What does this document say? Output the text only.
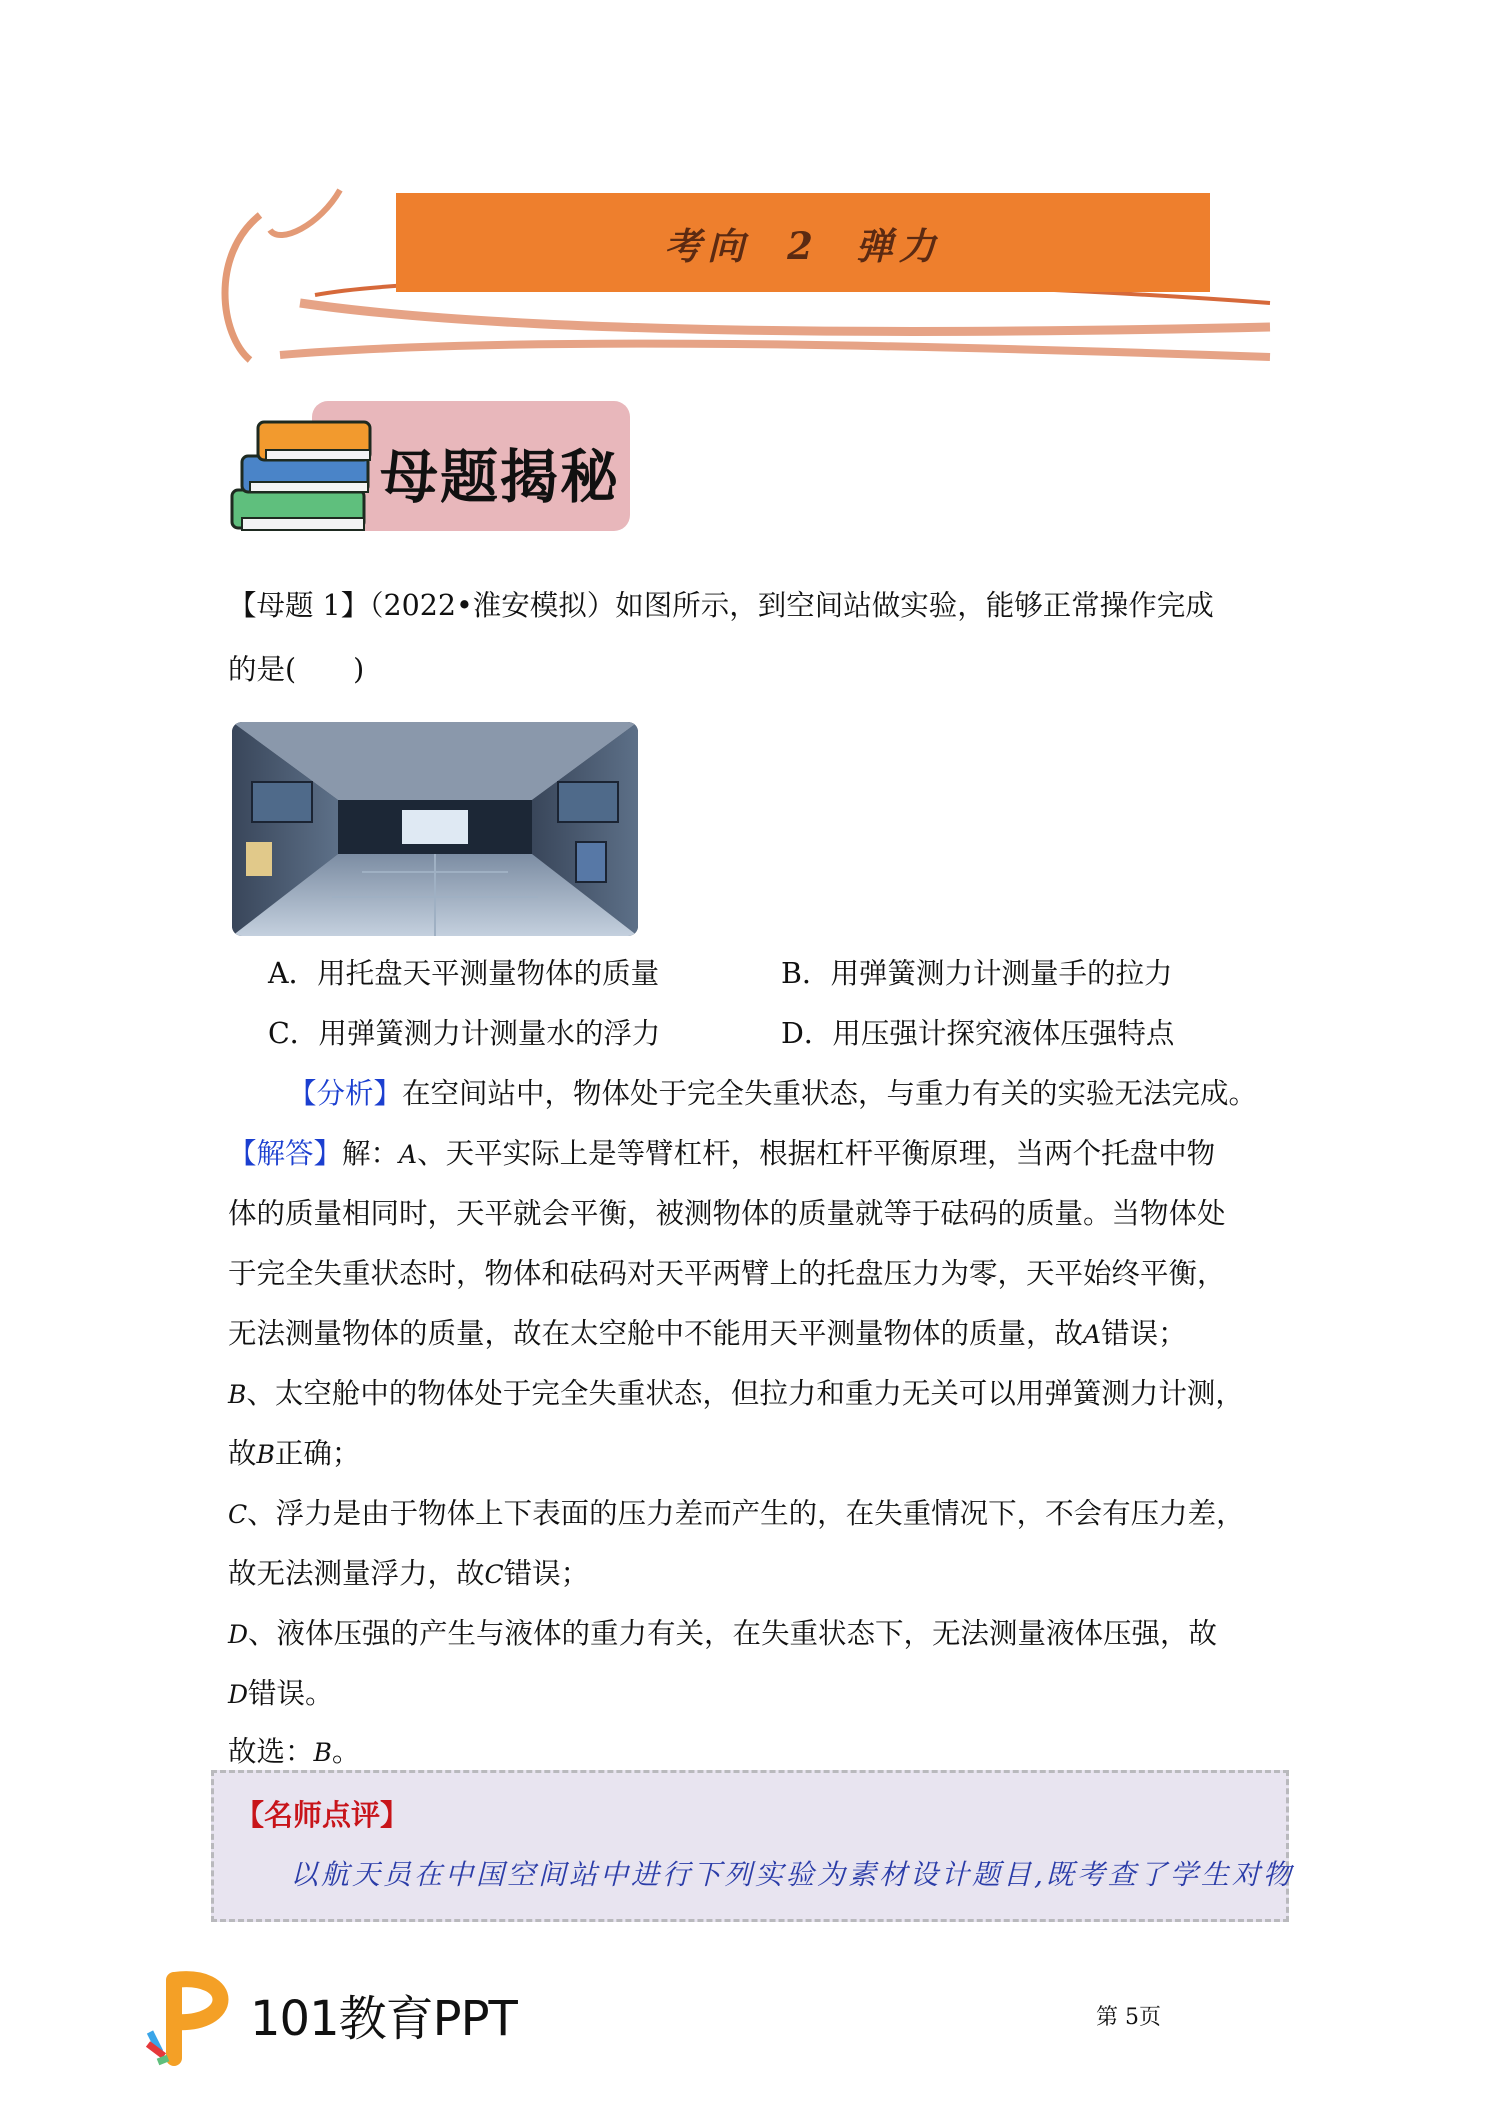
考向 2 弹力
母题揭秘
【母题 1】（2022•淮安模拟）如图所示，到空间站做实验，能够正常操作完成
的是(　　)
A．用托盘天平测量物体的质量	B．用弹簧测力计测量手的拉力
C．用弹簧测力计测量水的浮力	D．用压强计探究液体压强特点
【分析】在空间站中，物体处于完全失重状态，与重力有关的实验无法完成。
【解答】解：A、天平实际上是等臂杠杆，根据杠杆平衡原理，当两个托盘中物
体的质量相同时，天平就会平衡，被测物体的质量就等于砝码的质量。当物体处
于完全失重状态时，物体和砝码对天平两臂上的托盘压力为零，天平始终平衡，
无法测量物体的质量，故在太空舱中不能用天平测量物体的质量，故A错误；
B、太空舱中的物体处于完全失重状态，但拉力和重力无关可以用弹簧测力计测，
故B正确；
C、浮力是由于物体上下表面的压力差而产生的，在失重情况下，不会有压力差，
故无法测量浮力，故C错误；
D、液体压强的产生与液体的重力有关，在失重状态下，无法测量液体压强，故
D错误。
故选：B。
【名师点评】
以航天员在中国空间站中进行下列实验为素材设计题目,既考查了学生对物
101教育PPT	第 5页
